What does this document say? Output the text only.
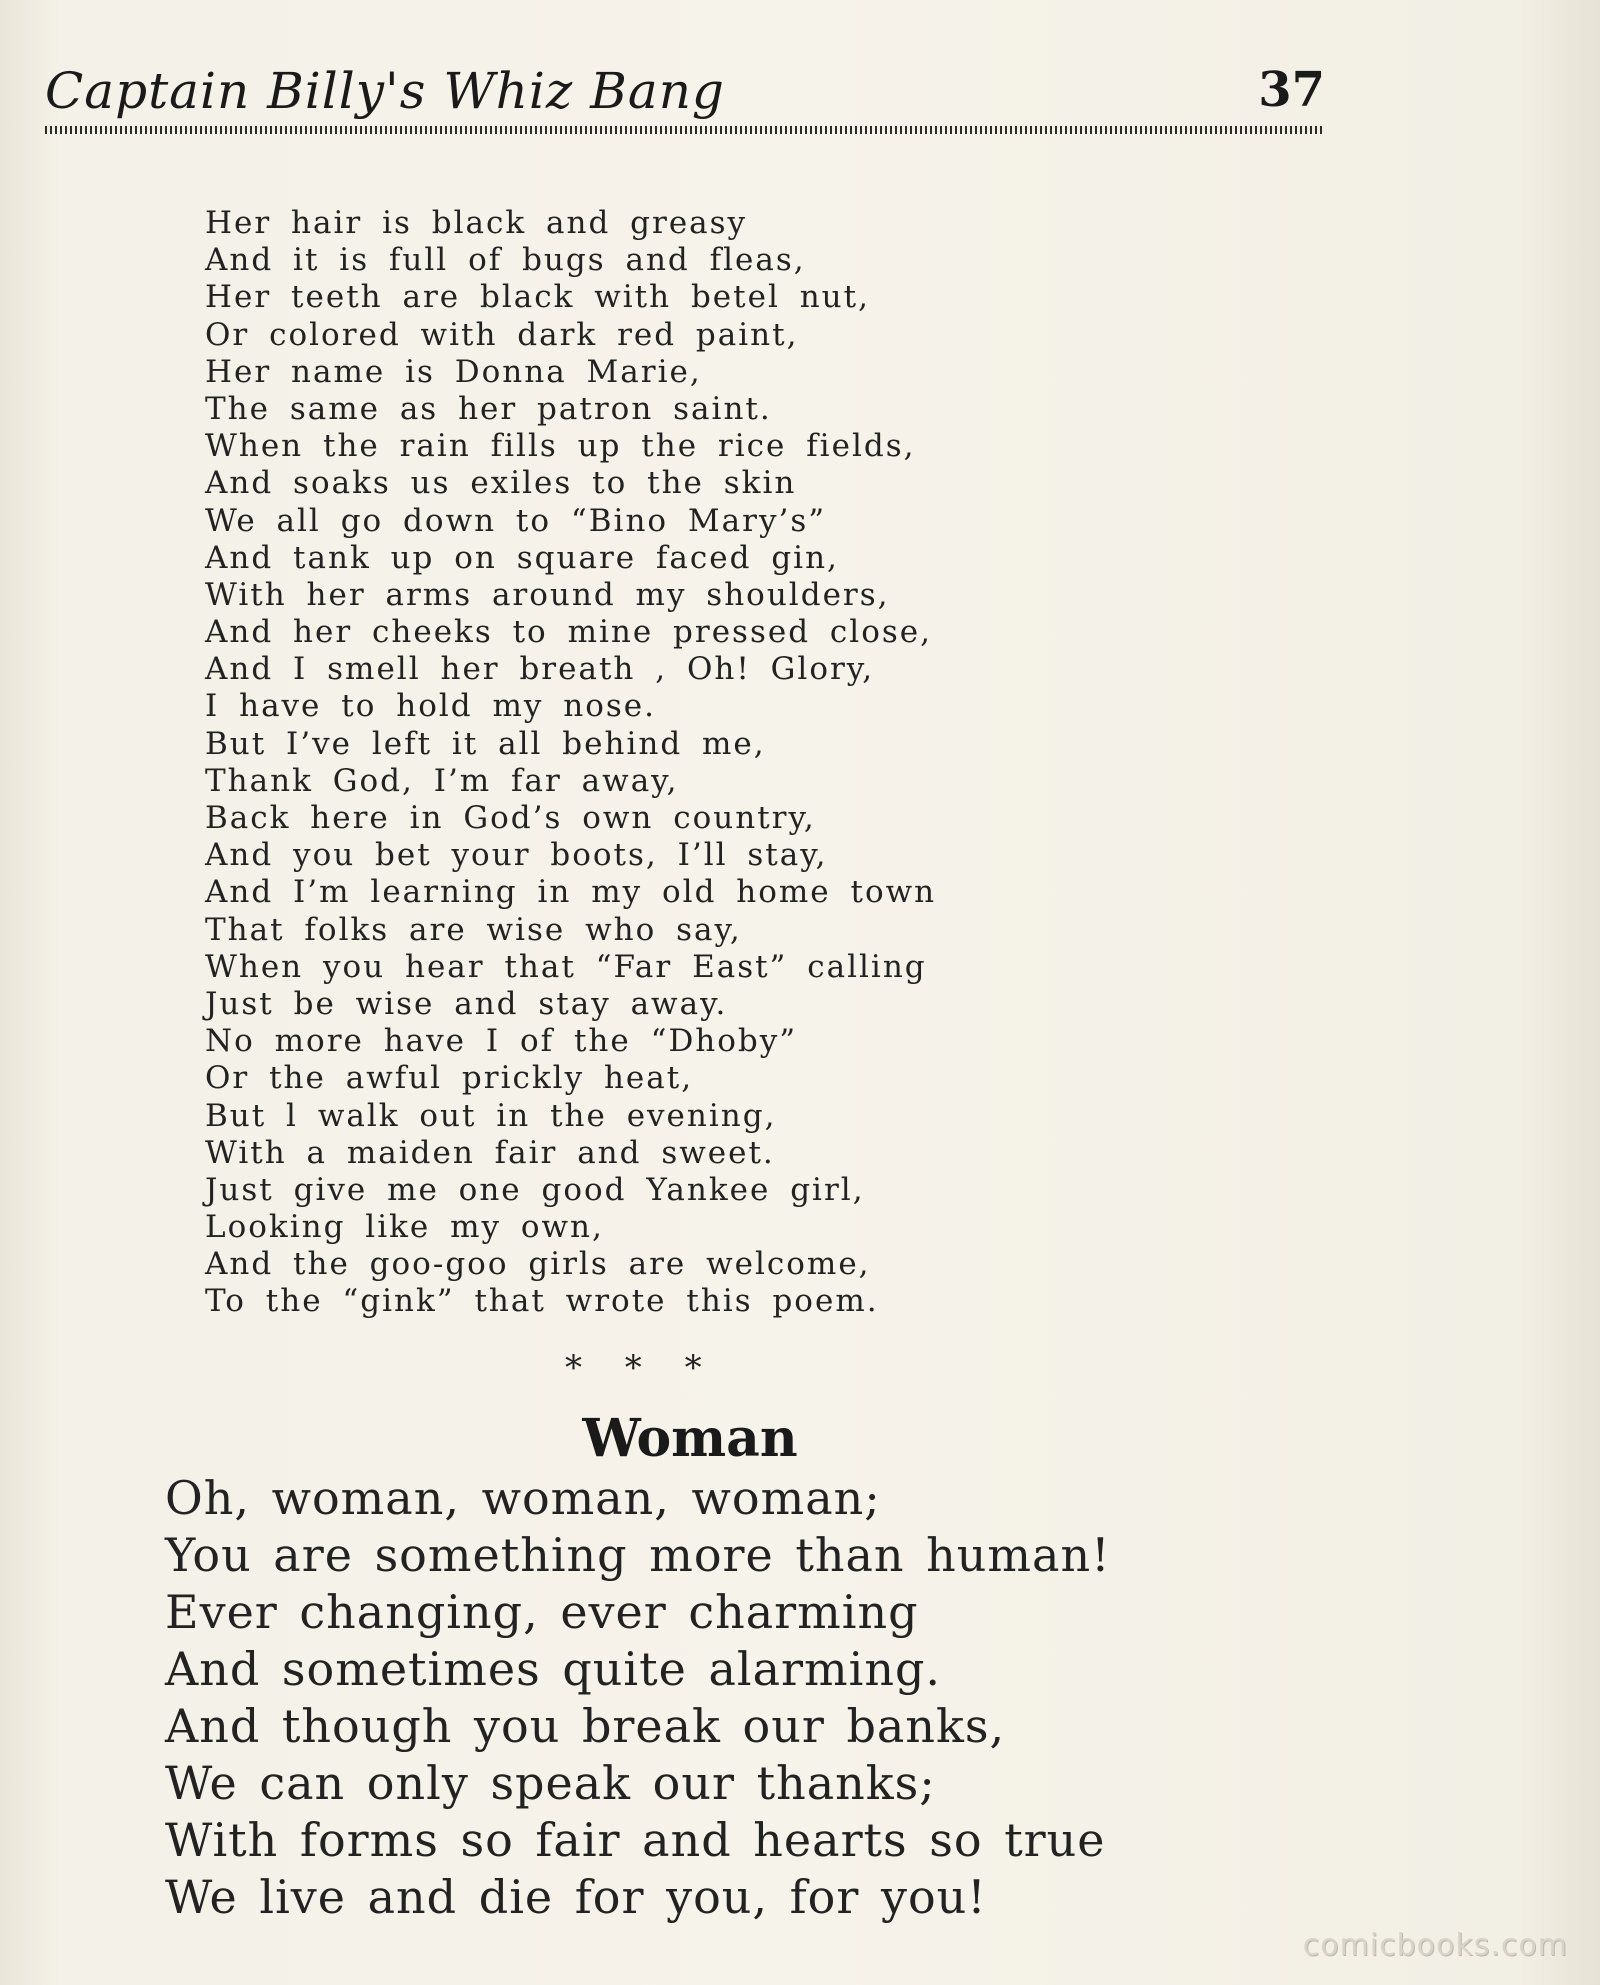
Captain Billy's Whiz Bang	37
Her hair is black and greasy
And it is full of bugs and fleas,
Her teeth are black with betel nut,
Or colored with dark red paint,
Her name is Donna Marie,
The same as her patron saint.
When the rain fills up the rice fields,
And soaks us exiles to the skin
We all go down to “Bino Mary’s”
And tank up on square faced gin,
With her arms around my shoulders,
And her cheeks to mine pressed close,
And I smell her breath , Oh! Glory,
I have to hold my nose.
But I’ve left it all behind me,
Thank God, I’m far away,
Back here in God’s own country,
And you bet your boots, I’ll stay,
And I’m learning in my old home town
That folks are wise who say,
When you hear that “Far East” calling
Just be wise and stay away.
No more have I of the “Dhoby”
Or the awful prickly heat,
But l walk out in the evening,
With a maiden fair and sweet.
Just give me one good Yankee girl,
Looking like my own,
And the goo-goo girls are welcome,
To the “gink” that wrote this poem.
* * *
Woman
Oh, woman, woman, woman;
You are something more than human!
Ever changing, ever charming
And sometimes quite alarming.
And though you break our banks,
We can only speak our thanks;
With forms so fair and hearts so true
We live and die for you, for you!
comicbooks.com
